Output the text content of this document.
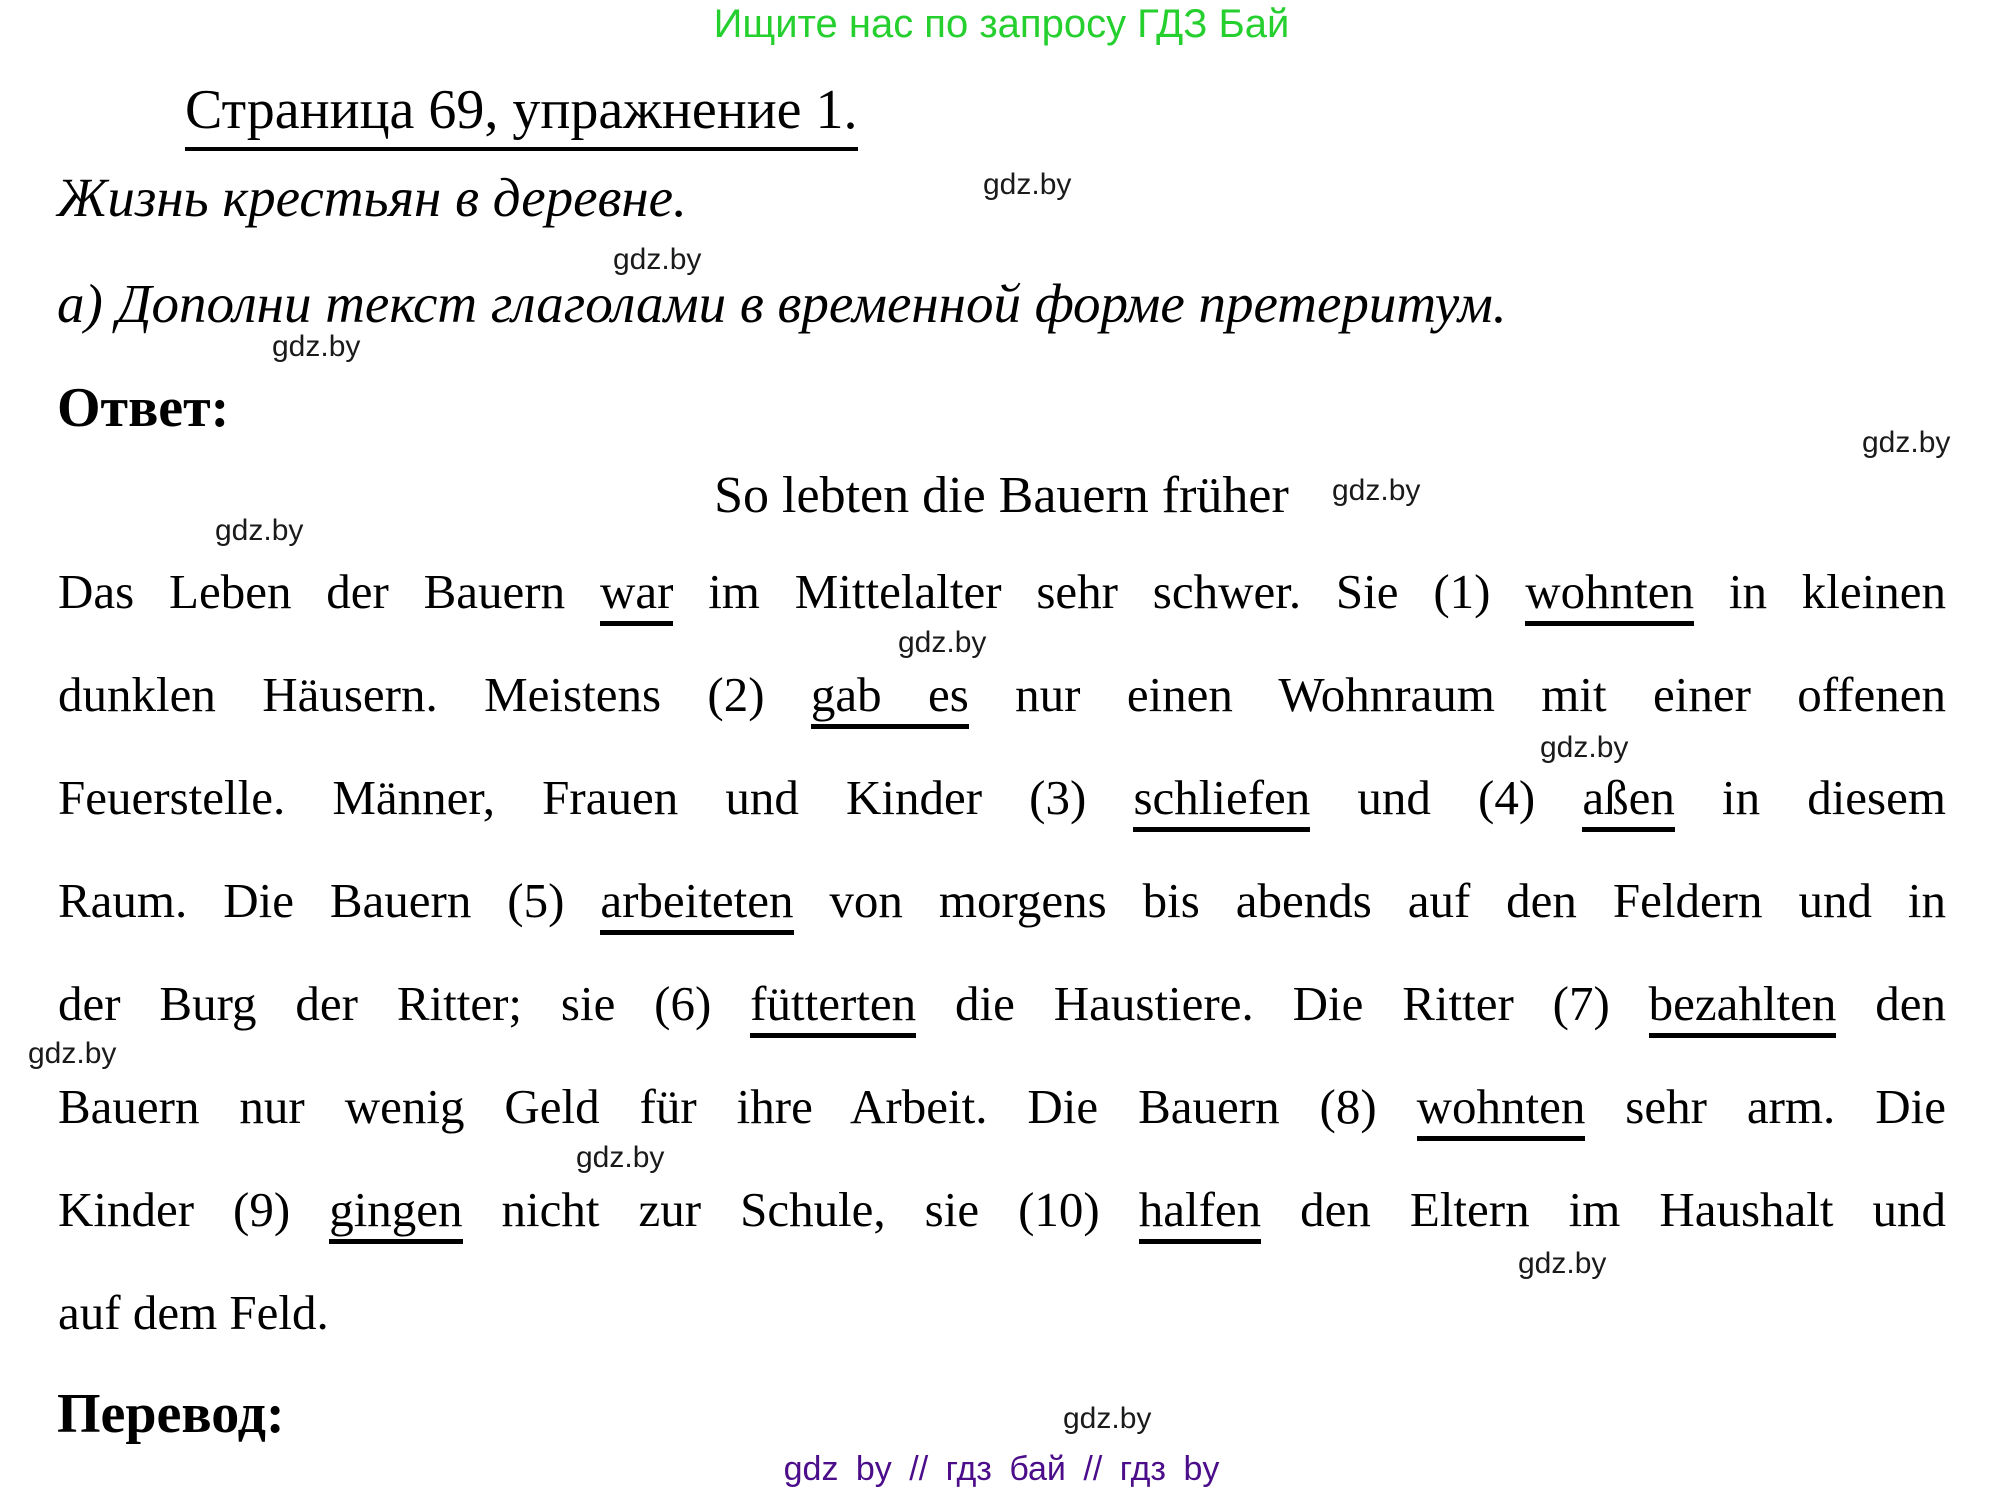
Ищите нас по запросу ГДЗ Бай
Страница 69, упражнение 1.
Жизнь крестьян в деревне.
а) Дополни текст глаголами в временной форме претеритум.
Ответ:
So lebten die Bauern früher
Das Leben der Bauern war im Mittelalter sehr schwer. Sie (1) wohnten in kleinen
dunklen Häusern. Meistens (2) gab es nur einen Wohnraum mit einer offenen
Feuerstelle. Männer, Frauen und Kinder (3) schliefen und (4) aßen in diesem
Raum. Die Bauern (5) arbeiteten von morgens bis abends auf den Feldern und in
der Burg der Ritter; sie (6) fütterten die Haustiere. Die Ritter (7) bezahlten den
Bauern nur wenig Geld für ihre Arbeit. Die Bauern (8) wohnten sehr arm. Die
Kinder (9) gingen nicht zur Schule, sie (10) halfen den Eltern im Haushalt und
auf dem Feld.
Перевод:
gdz by // гдз бай // гдз by
gdz.by
gdz.by
gdz.by
gdz.by
gdz.by
gdz.by
gdz.by
gdz.by
gdz.by
gdz.by
gdz.by
gdz.by
